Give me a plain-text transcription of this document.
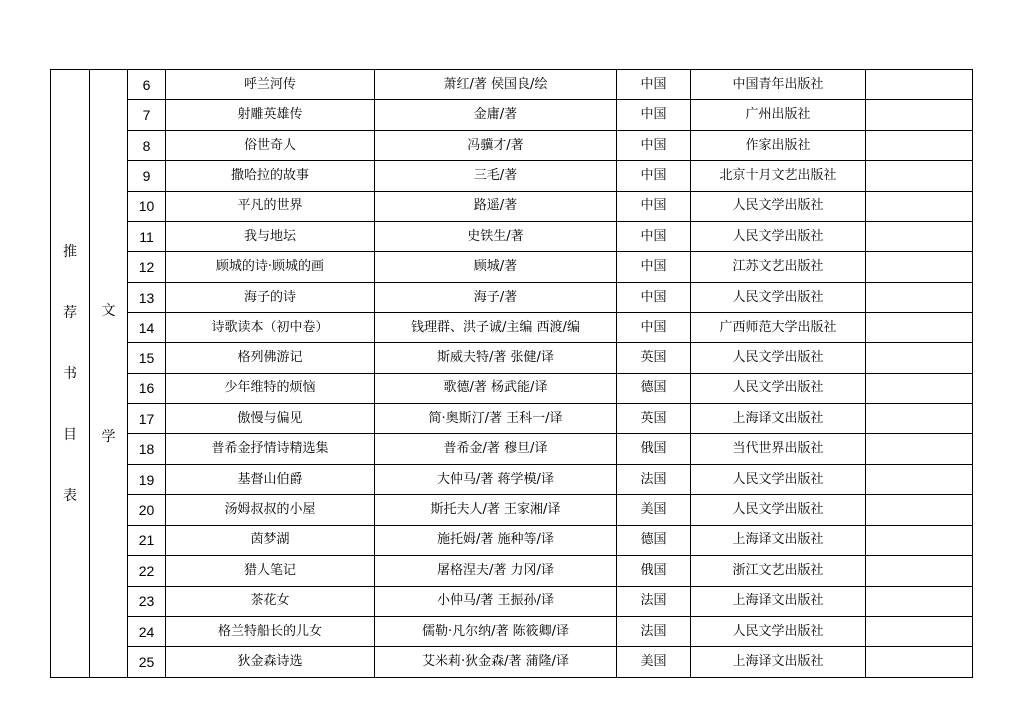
推
荐
书
目
表	文
学	6	呼兰河传	萧红/著 侯国良/绘	中国	中国青年出版社	
		7	射雕英雄传	金庸/著	中国	广州出版社	
		8	俗世奇人	冯骥才/著	中国	作家出版社	
		9	撒哈拉的故事	三毛/著	中国	北京十月文艺出版社	
		10	平凡的世界	路遥/著	中国	人民文学出版社	
		11	我与地坛	史铁生/著	中国	人民文学出版社	
		12	顾城的诗·顾城的画	顾城/著	中国	江苏文艺出版社	
		13	海子的诗	海子/著	中国	人民文学出版社	
		14	诗歌读本（初中卷）	钱理群、洪子诚/主编 西渡/编	中国	广西师范大学出版社	
		15	格列佛游记	斯威夫特/著 张健/译	英国	人民文学出版社	
		16	少年维特的烦恼	歌德/著 杨武能/译	德国	人民文学出版社	
		17	傲慢与偏见	简·奥斯汀/著 王科一/译	英国	上海译文出版社	
		18	普希金抒情诗精选集	普希金/著 穆旦/译	俄国	当代世界出版社	
		19	基督山伯爵	大仲马/著 蒋学模/译	法国	人民文学出版社	
		20	汤姆叔叔的小屋	斯托夫人/著 王家湘/译	美国	人民文学出版社	
		21	茵梦湖	施托姆/著 施种等/译	德国	上海译文出版社	
		22	猎人笔记	屠格涅夫/著 力冈/译	俄国	浙江文艺出版社	
		23	茶花女	小仲马/著 王振孙/译	法国	上海译文出版社	
		24	格兰特船长的儿女	儒勒·凡尔纳/著 陈筱卿/译	法国	人民文学出版社	
		25	狄金森诗选	艾米莉·狄金森/著 蒲隆/译	美国	上海译文出版社	
